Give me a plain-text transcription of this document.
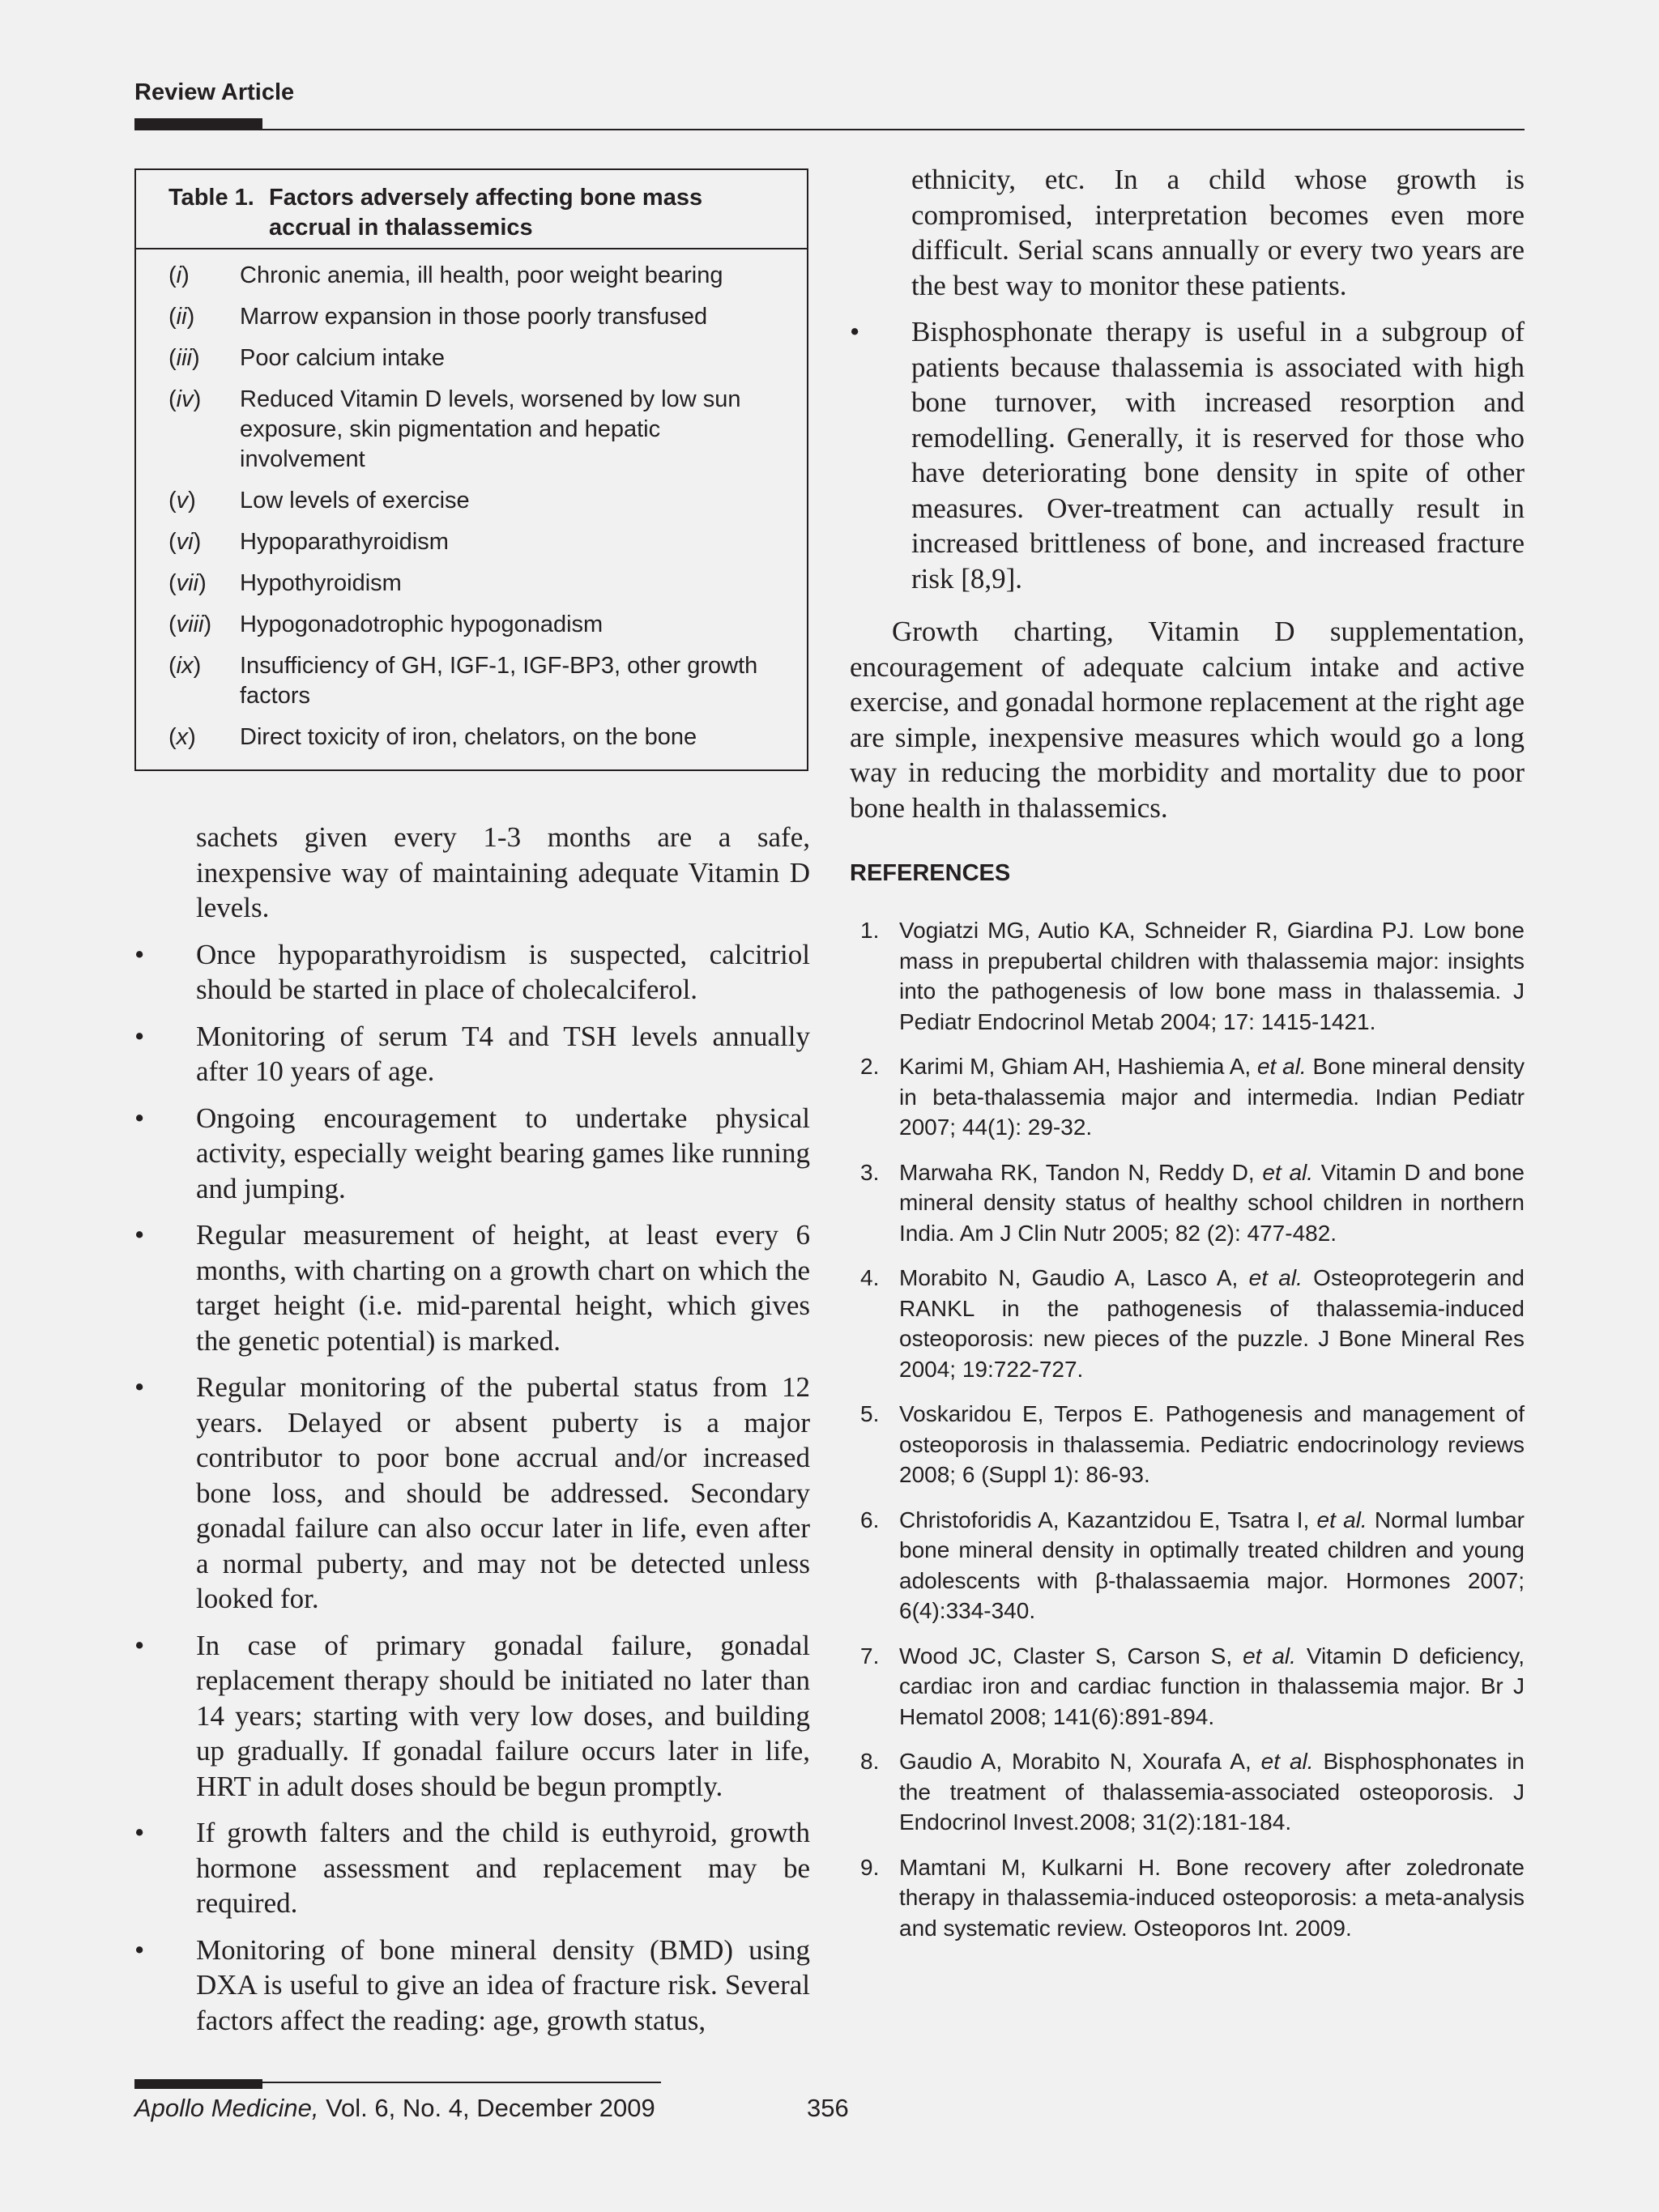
Review Article
Table 1. Factors adversely affecting bone mass accrual in thalassemics
(i)	Chronic anemia, ill health, poor weight bearing
(ii)	Marrow expansion in those poorly transfused
(iii)	Poor calcium intake
(iv)	Reduced Vitamin D levels, worsened by low sun exposure, skin pigmentation and hepatic involvement
(v)	Low levels of exercise
(vi)	Hypoparathyroidism
(vii)	Hypothyroidism
(viii)	Hypogonadotrophic hypogonadism
(ix)	Insufficiency of GH, IGF-1, IGF-BP3, other growth factors
(x)	Direct toxicity of iron, chelators, on the bone
sachets given every 1-3 months are a safe, inexpensive way of maintaining adequate Vitamin D levels.
•	Once hypoparathyroidism is suspected, calcitriol should be started in place of cholecalciferol.
•	Monitoring of serum T4 and TSH levels annually after 10 years of age.
•	Ongoing encouragement to undertake physical activity, especially weight bearing games like running and jumping.
•	Regular measurement of height, at least every 6 months, with charting on a growth chart on which the target height (i.e. mid-parental height, which gives the genetic potential) is marked.
•	Regular monitoring of the pubertal status from 12 years. Delayed or absent puberty is a major contributor to poor bone accrual and/or increased bone loss, and should be addressed. Secondary gonadal failure can also occur later in life, even after a normal puberty, and may not be detected unless looked for.
•	In case of primary gonadal failure, gonadal replacement therapy should be initiated no later than 14 years; starting with very low doses, and building up gradually. If gonadal failure occurs later in life, HRT in adult doses should be begun promptly.
•	If growth falters and the child is euthyroid, growth hormone assessment and replacement may be required.
•	Monitoring of bone mineral density (BMD) using DXA is useful to give an idea of fracture risk. Several factors affect the reading: age, growth status,
ethnicity, etc. In a child whose growth is compromised, interpretation becomes even more difficult. Serial scans annually or every two years are the best way to monitor these patients.
•	Bisphosphonate therapy is useful in a subgroup of patients because thalassemia is associated with high bone turnover, with increased resorption and remodelling. Generally, it is reserved for those who have deteriorating bone density in spite of other measures. Over-treatment can actually result in increased brittleness of bone, and increased fracture risk [8,9].
Growth charting, Vitamin D supplementation, encouragement of adequate calcium intake and active exercise, and gonadal hormone replacement at the right age are simple, inexpensive measures which would go a long way in reducing the morbidity and mortality due to poor bone health in thalassemics.
REFERENCES
1. Vogiatzi MG, Autio KA, Schneider R, Giardina PJ. Low bone mass in prepubertal children with thalassemia major: insights into the pathogenesis of low bone mass in thalassemia. J Pediatr Endocrinol Metab 2004; 17: 1415-1421.
2. Karimi M, Ghiam AH, Hashiemia A, et al. Bone mineral density in beta-thalassemia major and intermedia. Indian Pediatr 2007; 44(1): 29-32.
3. Marwaha RK, Tandon N, Reddy D, et al. Vitamin D and bone mineral density status of healthy school children in northern India. Am J Clin Nutr 2005; 82 (2): 477-482.
4. Morabito N, Gaudio A, Lasco A, et al. Osteoprotegerin and RANKL in the pathogenesis of thalassemia-induced osteoporosis: new pieces of the puzzle. J Bone Mineral Res 2004; 19:722-727.
5. Voskaridou E, Terpos E. Pathogenesis and management of osteoporosis in thalassemia. Pediatric endocrinology reviews 2008; 6 (Suppl 1): 86-93.
6. Christoforidis A, Kazantzidou E, Tsatra I, et al. Normal lumbar bone mineral density in optimally treated children and young adolescents with β-thalassaemia major. Hormones 2007; 6(4):334-340.
7. Wood JC, Claster S, Carson S, et al. Vitamin D deficiency, cardiac iron and cardiac function in thalassemia major. Br J Hematol 2008; 141(6):891-894.
8. Gaudio A, Morabito N, Xourafa A, et al. Bisphosphonates in the treatment of thalassemia-associated osteoporosis. J Endocrinol Invest.2008; 31(2):181-184.
9. Mamtani M, Kulkarni H. Bone recovery after zoledronate therapy in thalassemia-induced osteoporosis: a meta-analysis and systematic review. Osteoporos Int. 2009.
Apollo Medicine, Vol. 6, No. 4, December 2009	356
